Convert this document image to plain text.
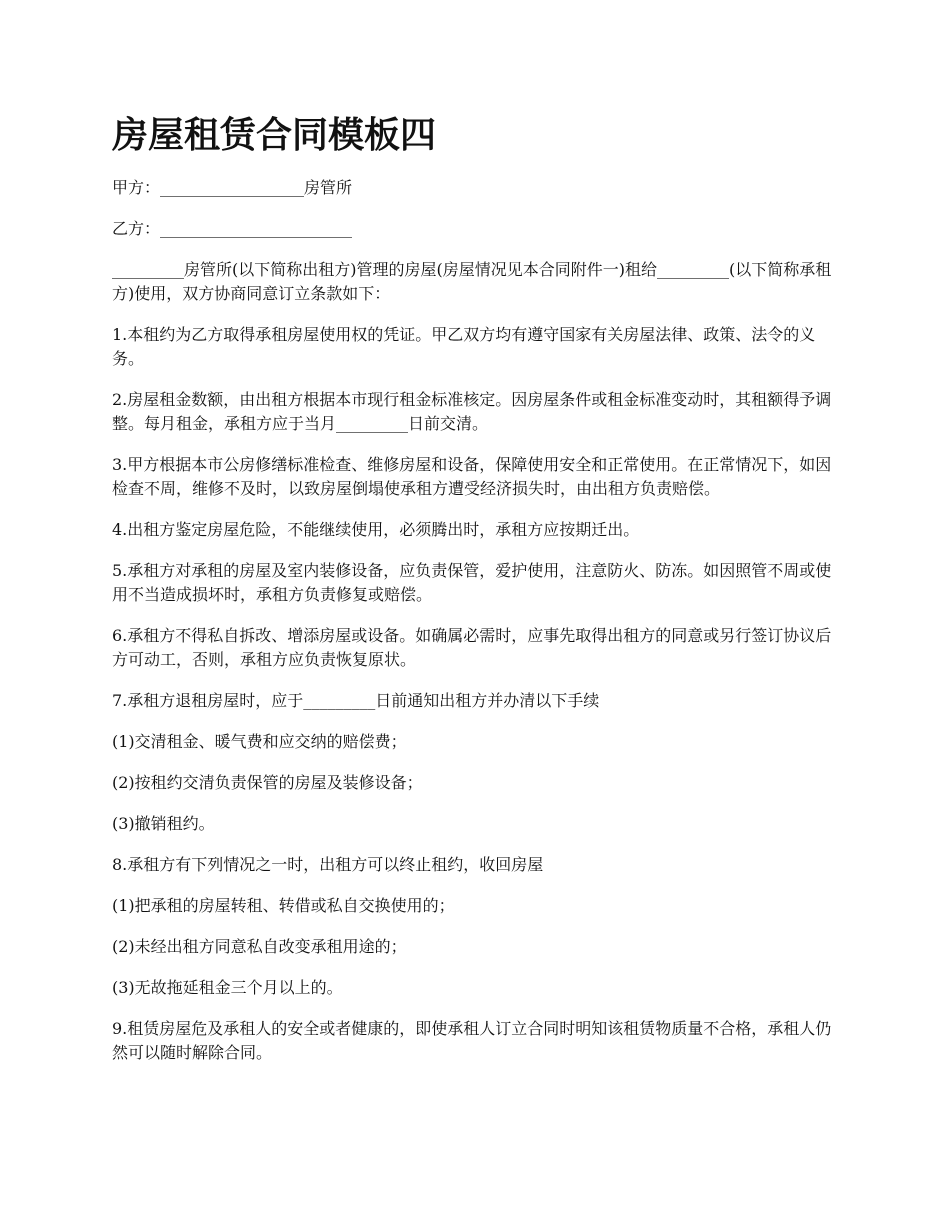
房屋租赁合同模板四

甲方：__________________房管所

乙方：________________________

_________房管所(以下简称出租方)管理的房屋(房屋情况见本合同附件一)租给_________(以下简称承租方)使用，双方协商同意订立条款如下：

1.本租约为乙方取得承租房屋使用权的凭证。甲乙双方均有遵守国家有关房屋法律、政策、法令的义务。

2.房屋租金数额，由出租方根据本市现行租金标准核定。因房屋条件或租金标准变动时，其租额得予调整。每月租金，承租方应于当月_________日前交清。

3.甲方根据本市公房修缮标准检查、维修房屋和设备，保障使用安全和正常使用。在正常情况下，如因检查不周，维修不及时，以致房屋倒塌使承租方遭受经济损失时，由出租方负责赔偿。

4.出租方鉴定房屋危险，不能继续使用，必须腾出时，承租方应按期迁出。

5.承租方对承租的房屋及室内装修设备，应负责保管，爱护使用，注意防火、防冻。如因照管不周或使用不当造成损坏时，承租方负责修复或赔偿。

6.承租方不得私自拆改、增添房屋或设备。如确属必需时，应事先取得出租方的同意或另行签订协议后方可动工，否则，承租方应负责恢复原状。

7.承租方退租房屋时，应于_________日前通知出租方并办清以下手续

(1)交清租金、暖气费和应交纳的赔偿费；

(2)按租约交清负责保管的房屋及装修设备；

(3)撤销租约。

8.承租方有下列情况之一时，出租方可以终止租约，收回房屋

(1)把承租的房屋转租、转借或私自交换使用的；

(2)未经出租方同意私自改变承租用途的；

(3)无故拖延租金三个月以上的。

9.租赁房屋危及承租人的安全或者健康的，即使承租人订立合同时明知该租赁物质量不合格，承租人仍然可以随时解除合同。
